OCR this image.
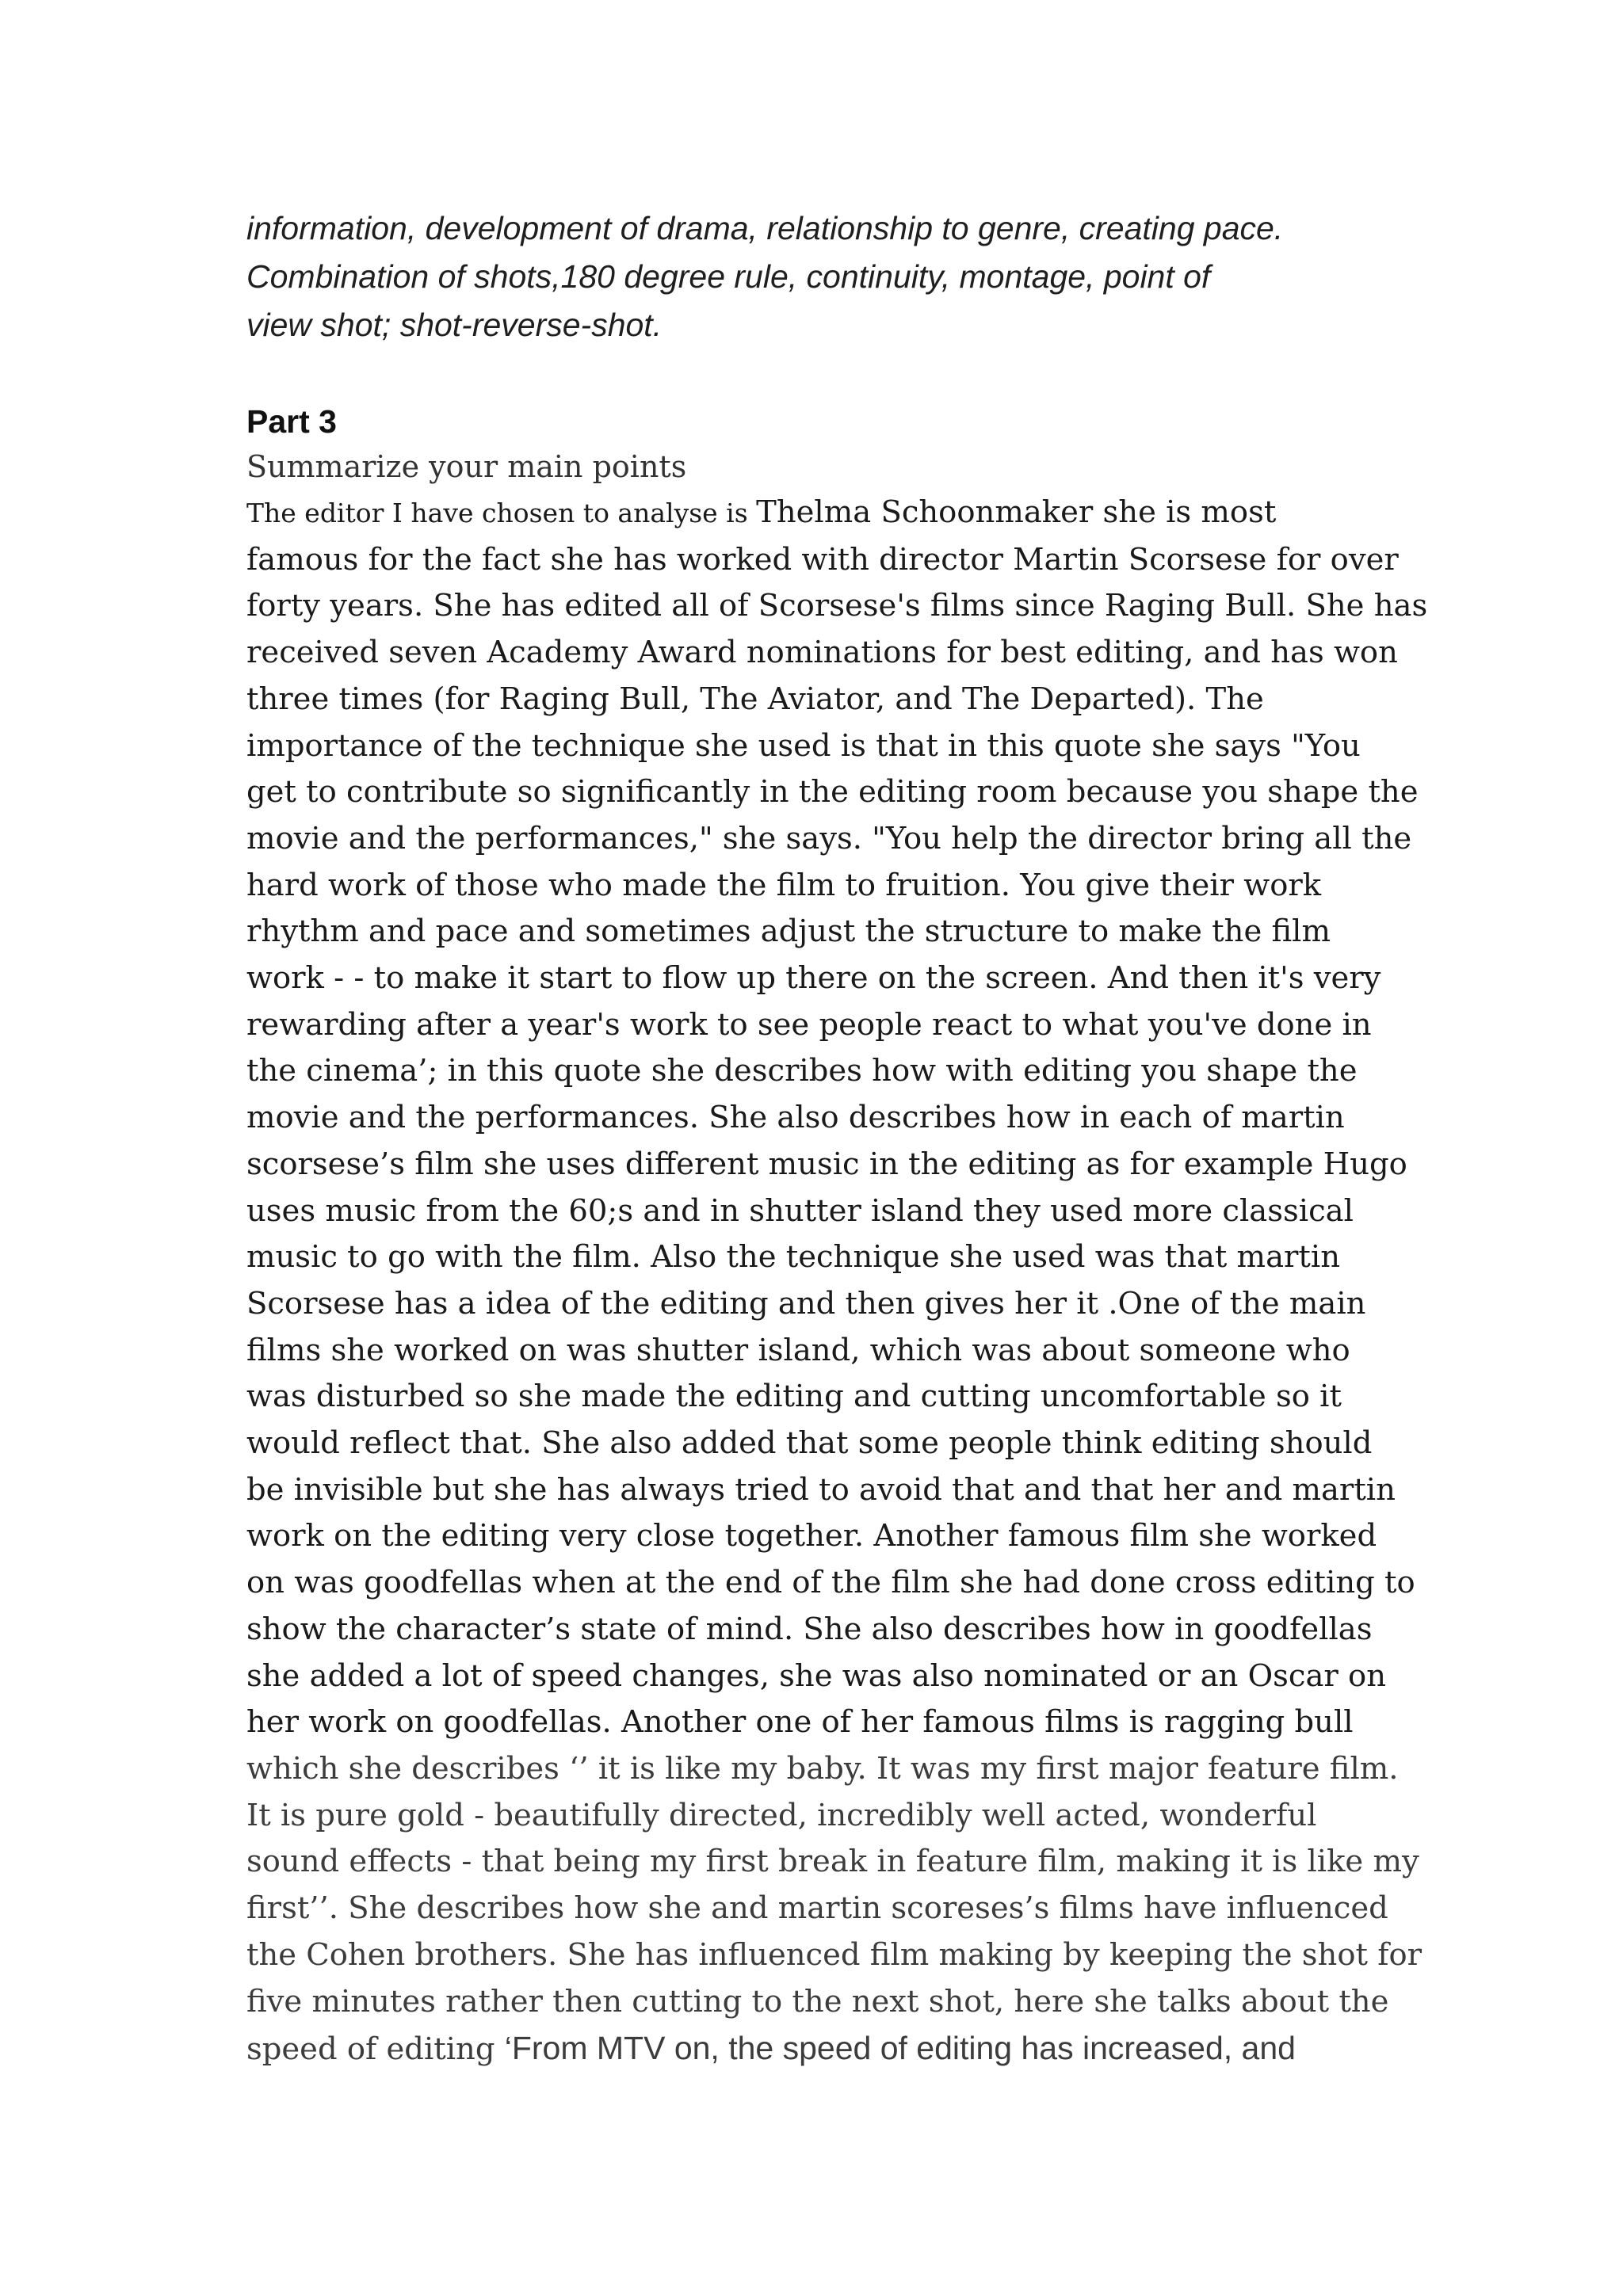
information, development of drama, relationship to genre, creating pace.
Combination of shots,180 degree rule, continuity, montage, point of
view shot; shot-reverse-shot.
Part 3
Summarize your main points
The editor I have chosen to analyse is Thelma Schoonmaker she is most
famous for the fact she has worked with director Martin Scorsese for over
forty years. She has edited all of Scorsese's films since Raging Bull. She has
received seven Academy Award nominations for best editing, and has won
three times (for Raging Bull, The Aviator, and The Departed). The
importance of the technique she used is that in this quote she says "You
get to contribute so significantly in the editing room because you shape the
movie and the performances," she says. "You help the director bring all the
hard work of those who made the film to fruition. You give their work
rhythm and pace and sometimes adjust the structure to make the film
work ‐ - to make it start to flow up there on the screen. And then it's very
rewarding after a year's work to see people react to what you've done in
the cinema’; in this quote she describes how with editing you shape the
movie and the performances. She also describes how in each of martin
scorsese’s film she uses different music in the editing as for example Hugo
uses music from the 60;s and in shutter island they used more classical
music to go with the film. Also the technique she used was that martin
Scorsese has a idea of the editing and then gives her it .One of the main
films she worked on was shutter island, which was about someone who
was disturbed so she made the editing and cutting uncomfortable so it
would reflect that. She also added that some people think editing should
be invisible but she has always tried to avoid that and that her and martin
work on the editing very close together. Another famous film she worked
on was goodfellas when at the end of the film she had done cross editing to
show the character’s state of mind. She also describes how in goodfellas
she added a lot of speed changes, she was also nominated or an Oscar on
her work on goodfellas. Another one of her famous films is ragging bull
which she describes ‘’ it is like my baby. It was my first major feature film.
It is pure gold - beautifully directed, incredibly well acted, wonderful
sound effects - that being my first break in feature film, making it is like my
first’’. She describes how she and martin scoreses’s films have influenced
the Cohen brothers. She has influenced film making by keeping the shot for
five minutes rather then cutting to the next shot, here she talks about the
speed of editing ‘From MTV on, the speed of editing has increased, and
